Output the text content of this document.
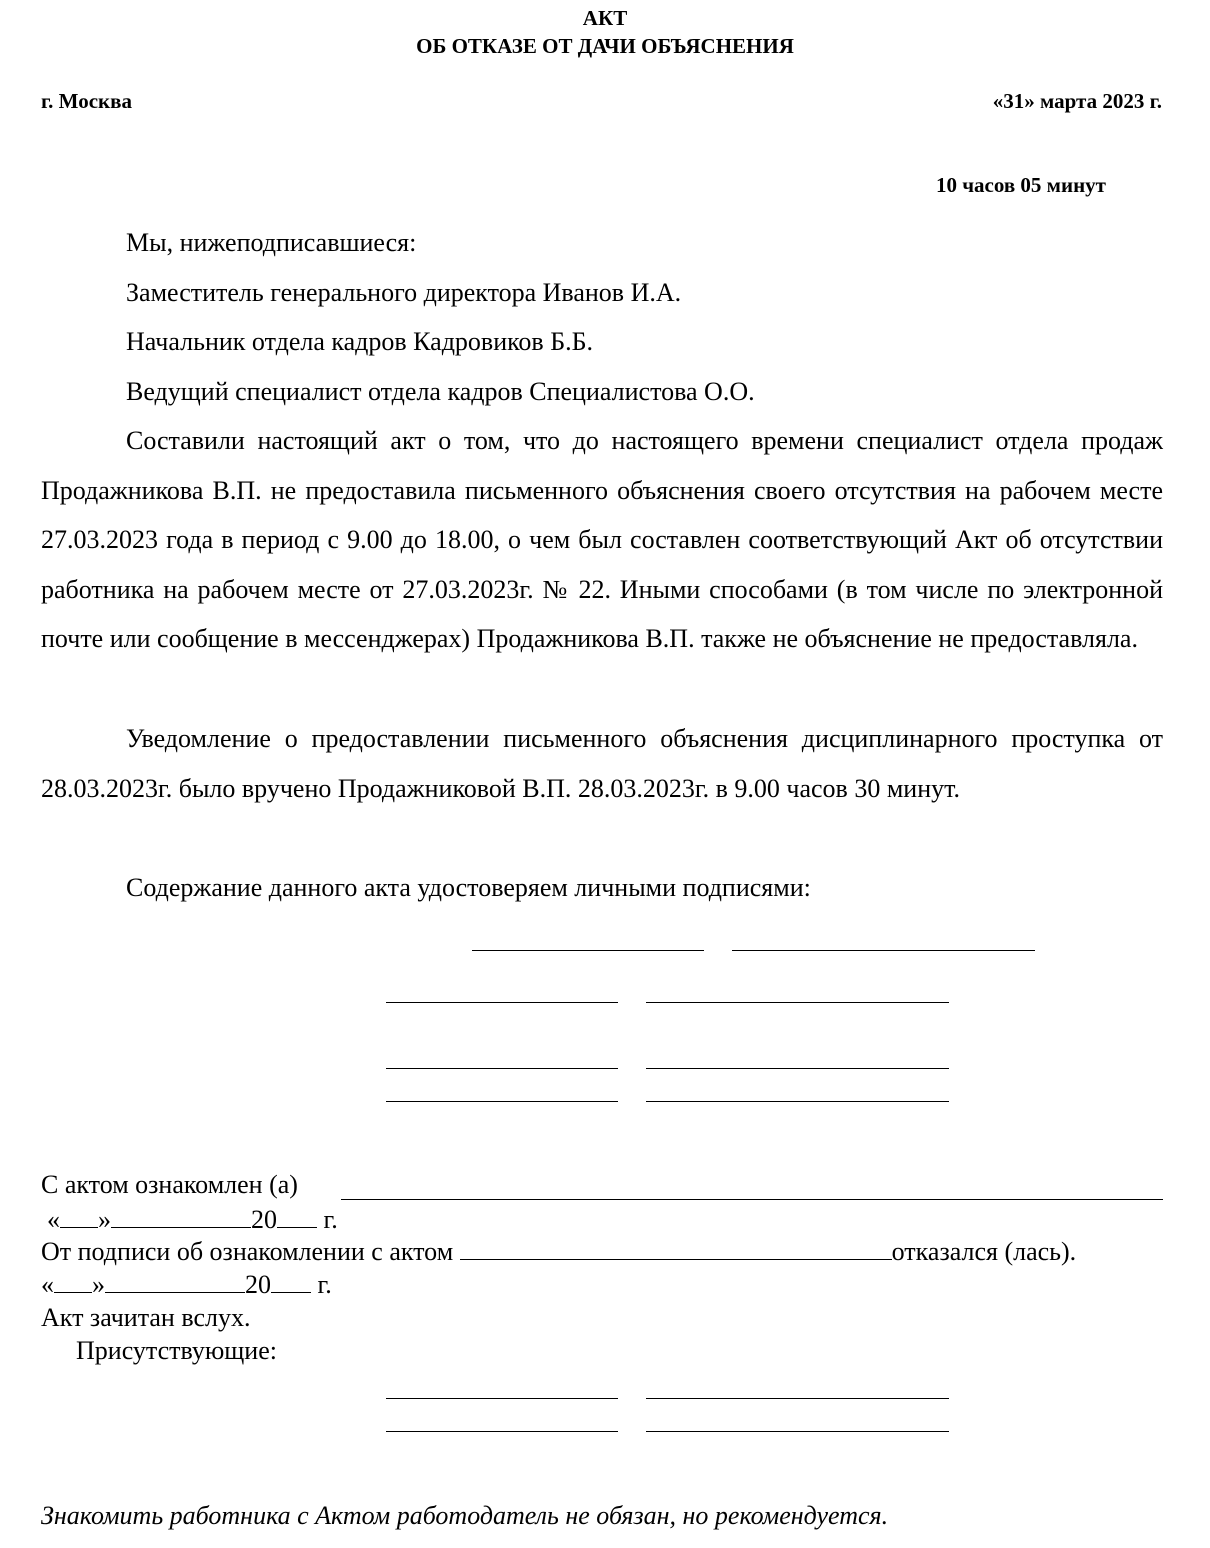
АКТ
ОБ ОТКАЗЕ ОТ ДАЧИ ОБЪЯСНЕНИЯ
г. Москва	«31» марта 2023 г.
10 часов 05 минут
Мы, нижеподписавшиеся:
Заместитель генерального директора Иванов И.А.
Начальник отдела кадров Кадровиков Б.Б.
Ведущий специалист отдела кадров Специалистова О.О.
Составили настоящий акт о том, что до настоящего времени специалист отдела продаж Продажникова В.П. не предоставила письменного объяснения своего отсутствия на рабочем месте 27.03.2023 года в период с 9.00 до 18.00, о чем был составлен соответствующий Акт об отсутствии работника на рабочем месте от 27.03.2023г. № 22. Иными способами (в том числе по электронной почте или сообщение в мессенджерах) Продажникова В.П. также не объяснение не предоставляла.
Уведомление о предоставлении письменного объяснения дисциплинарного проступка от 28.03.2023г. было вручено Продажниковой В.П. 28.03.2023г. в 9.00 часов 30 минут.
Содержание данного акта удостоверяем личными подписями:
С актом ознакомлен (а)
« »	20 г.
От подписи об ознакомлении с актом	отказался (лась).
« »	20 г.
Акт зачитан вслух.
Присутствующие:
Знакомить работника с Актом работодатель не обязан, но рекомендуется.
